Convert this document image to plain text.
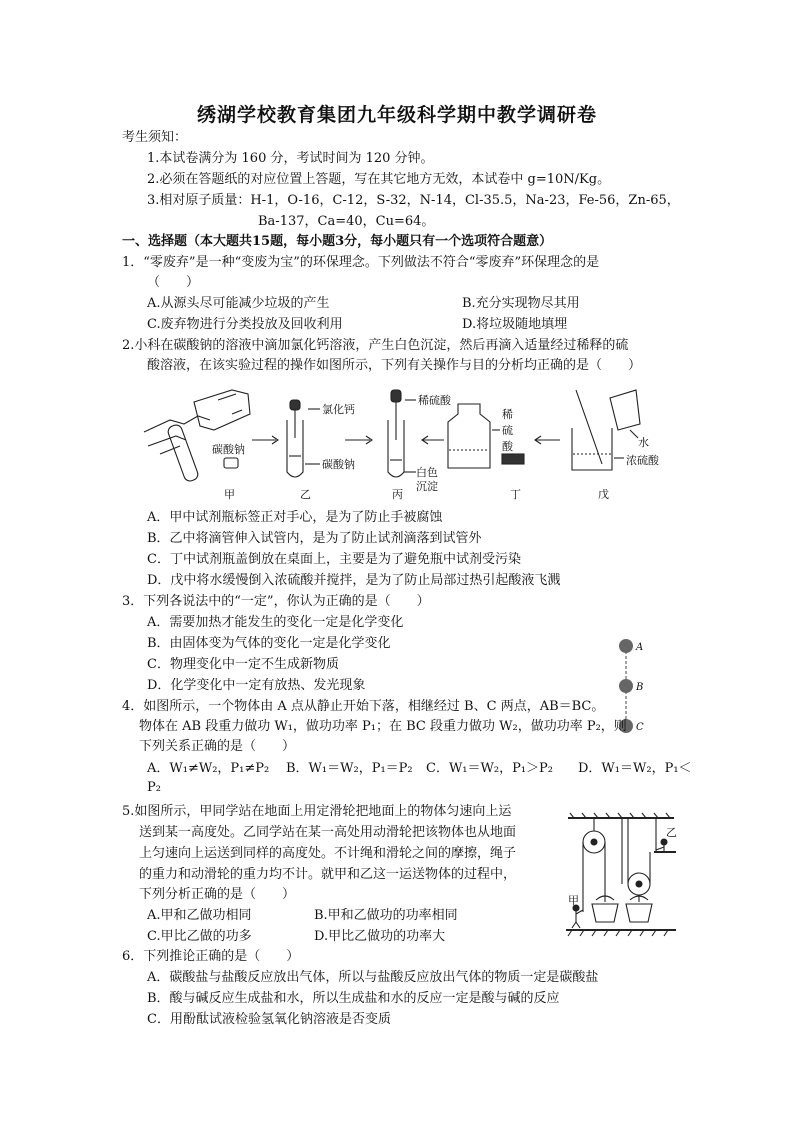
绣湖学校教育集团九年级科学期中教学调研卷
考生须知：
1.本试卷满分为 160 分，考试时间为 120 分钟。
2.必须在答题纸的对应位置上答题，写在其它地方无效，本试卷中 g=10N/Kg。
3.相对原子质量：H-1，O-16，C-12，S-32，N-14，Cl-35.5，Na-23，Fe-56，Zn-65，
Ba-137，Ca=40，Cu=64。
一、选择题（本大题共15题，每小题3分，每小题只有一个选项符合题意）
1．“零废弃”是一种“变废为宝”的环保理念。下列做法不符合“零废弃”环保理念的是
（　　）
A.从源头尽可能减少垃圾的产生	B.充分实现物尽其用
C.废弃物进行分类投放及回收利用	D.将垃圾随地填埋
2.小科在碳酸钠的溶液中滴加氯化钙溶液，产生白色沉淀，然后再滴入适量经过稀释的硫
酸溶液，在该实验过程的操作如图所示，下列有关操作与目的分析均正确的是（　　）
碳酸钠
甲
氯化钙
碳酸钠
乙
稀硫酸
白色
沉淀
丙
稀
硫
酸
丁
水
浓硫酸
戊
A．甲中试剂瓶标签正对手心，是为了防止手被腐蚀
B．乙中将滴管伸入试管内，是为了防止试剂滴落到试管外
C．丁中试剂瓶盖倒放在桌面上，主要是为了避免瓶中试剂受污染
D．戊中将水缓慢倒入浓硫酸并搅拌，是为了防止局部过热引起酸液飞溅
3．下列各说法中的“一定”，你认为正确的是（　　）
A．需要加热才能发生的变化一定是化学变化
B．由固体变为气体的变化一定是化学变化
C．物理变化中一定不生成新物质
D．化学变化中一定有放热、发光现象
A
B
C
4．如图所示，一个物体由 A 点从静止开始下落，相继经过 B、C 两点，AB＝BC。
物体在 AB 段重力做功 W₁，做功功率 P₁；在 BC 段重力做功 W₂，做功功率 P₂，则
下列关系正确的是（　　）
A．W₁≠W₂，P₁≠P₂ B．W₁＝W₂，P₁＝P₂ C．W₁＝W₂，P₁＞P₂ D．W₁＝W₂，P₁＜
P₂
5.如图所示，甲同学站在地面上用定滑轮把地面上的物体匀速向上运
送到某一高度处。乙同学站在某一高处用动滑轮把该物体也从地面
上匀速向上运送到同样的高度处。不计绳和滑轮之间的摩擦，绳子
的重力和动滑轮的重力均不计。就甲和乙这一运送物体的过程中，
下列分析正确的是（　　）
A.甲和乙做功相同	B.甲和乙做功的功率相同
C.甲比乙做的功多	D.甲比乙做功的功率大
甲
乙
6．下列推论正确的是（　　）
A．碳酸盐与盐酸反应放出气体，所以与盐酸反应放出气体的物质一定是碳酸盐
B．酸与碱反应生成盐和水，所以生成盐和水的反应一定是酸与碱的反应
C．用酚酞试液检验氢氧化钠溶液是否变质
